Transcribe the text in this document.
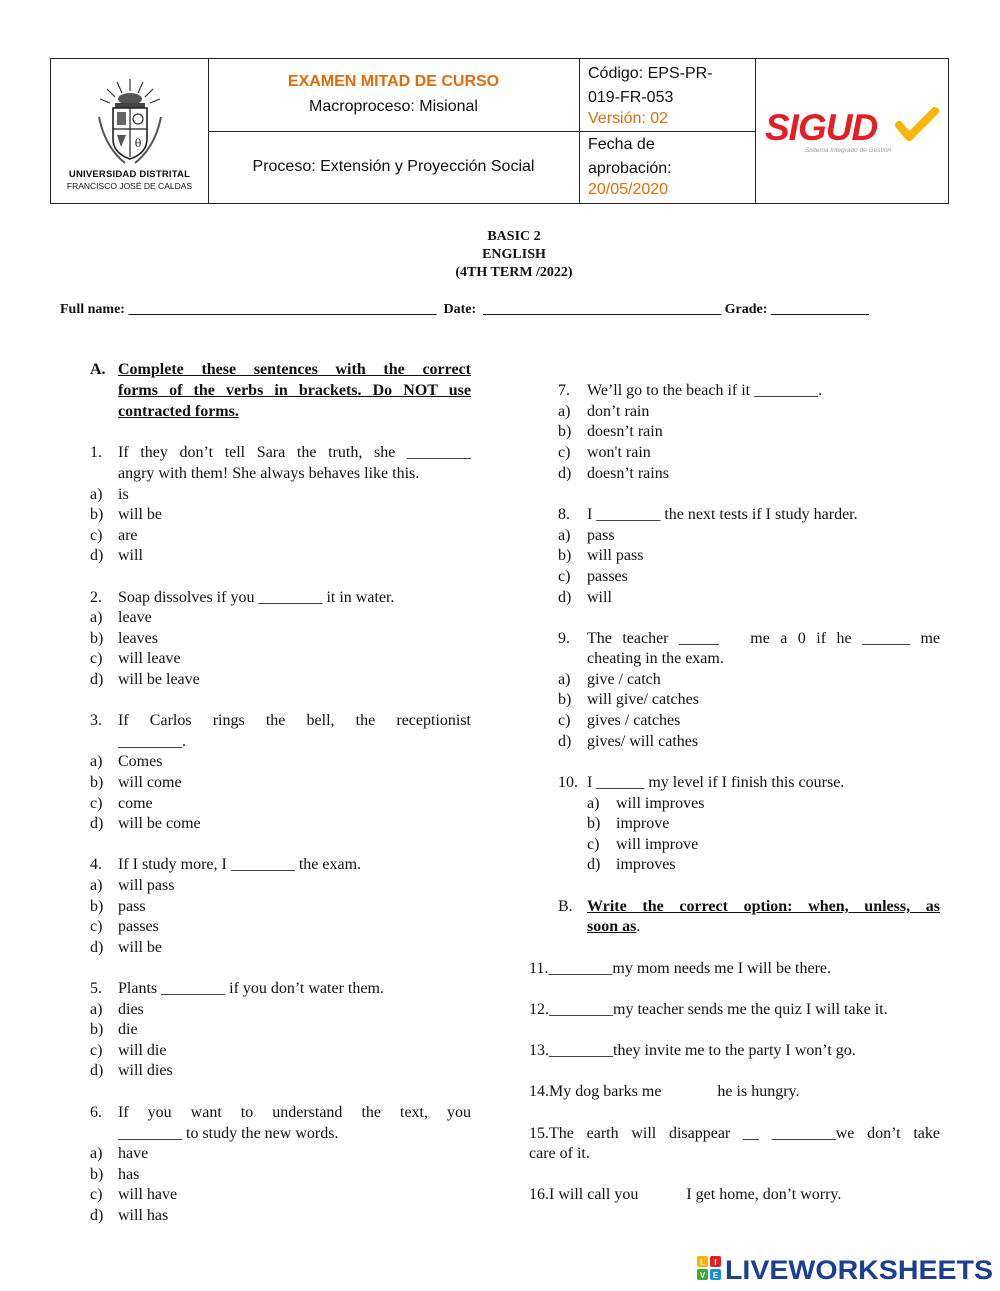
θ
UNIVERSIDAD DISTRITAL
FRANCISCO JOSÉ DE CALDAS
EXAMEN MITAD DE CURSO
Macroproceso: Misional
Proceso: Extensión y Proyección Social
Código: EPS-PR-
019-FR-053
Versión: 02
Fecha de
aprobación:
20/05/2020
SIGUD
Sistema Integrado de Gestión
BASIC 2
ENGLISH
(4TH TERM /2022)
Full name: ____________________________________________ Date: __________________________________ Grade: ______________
A. Complete these sentences with the correct
forms of the verbs in brackets. Do NOT use
contracted forms.
1. If they don’t tell Sara the truth, she ________
angry with them! She always behaves like this.
a) is
b) will be
c) are
d) will
2. Soap dissolves if you ________ it in water.
a) leave
b) leaves
c) will leave
d) will be leave
3. If Carlos rings the bell, the receptionist
________.
a) Comes
b) will come
c) come
d) will be come
4. If I study more, I ________ the exam.
a) will pass
b) pass
c) passes
d) will be
5. Plants ________ if you don’t water them.
a) dies
b) die
c) will die
d) will dies
6. If you want to understand the text, you
________ to study the new words.
a) have
b) has
c) will have
d) will has
7. We’ll go to the beach if it ________.
a) don’t rain
b) doesn’t rain
c) won't rain
d) doesn’t rains
8. I ________ the next tests if I study harder.
a) pass
b) will pass
c) passes
d) will
9. The teacher _____   me a 0 if he ______ me
cheating in the exam.
a) give / catch
b) will give/ catches
c) gives / catches
d) gives/ will cathes
10. I ______ my level if I finish this course.
a) will improves
b) improve
c) will improve
d) improves
B. Write the correct option: when, unless, as
soon as.
11.________my mom needs me I will be there.
12.________my teacher sends me the quiz I will take it.
13.________they invite me to the party I won’t go.
14.My dog barks me              he is hungry.
15.The earth will disappear __ ________we don’t take
care of it.
16.I will call you            I get home, don’t worry.
L I
V E LIVEWORKSHEETS
